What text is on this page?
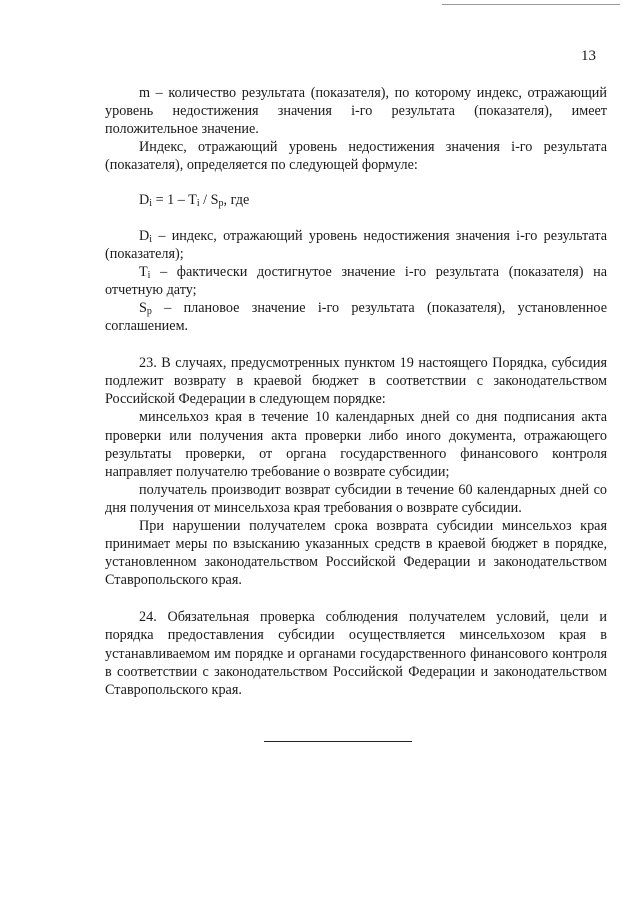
13

m – количество результата (показателя), по которому индекс, отражающий уровень недостижения значения i-го результата (показателя), имеет положительное значение.

Индекс, отражающий уровень недостижения значения i-го результата (показателя), определяется по следующей формуле:

$D_i = 1 - T_i / S_p$, где

$D_i$ – индекс, отражающий уровень недостижения значения i-го результата (показателя);

$T_i$ – фактически достигнутое значение i-го результата (показателя) на отчетную дату;

$S_p$ – плановое значение i-го результата (показателя), установленное соглашением.

23. В случаях, предусмотренных пунктом 19 настоящего Порядка, субсидия подлежит возврату в краевой бюджет в соответствии с законодательством Российской Федерации в следующем порядке:

минсельхоз края в течение 10 календарных дней со дня подписания акта проверки или получения акта проверки либо иного документа, отражающего результаты проверки, от органа государственного финансового контроля направляет получателю требование о возврате субсидии;

получатель производит возврат субсидии в течение 60 календарных дней со дня получения от минсельхоза края требования о возврате субсидии.

При нарушении получателем срока возврата субсидии минсельхоз края принимает меры по взысканию указанных средств в краевой бюджет в порядке, установленном законодательством Российской Федерации и законодательством Ставропольского края.

24. Обязательная проверка соблюдения получателем условий, цели и порядка предоставления субсидии осуществляется минсельхозом края в устанавливаемом им порядке и органами государственного финансового контроля в соответствии с законодательством Российской Федерации и законодательством Ставропольского края.
